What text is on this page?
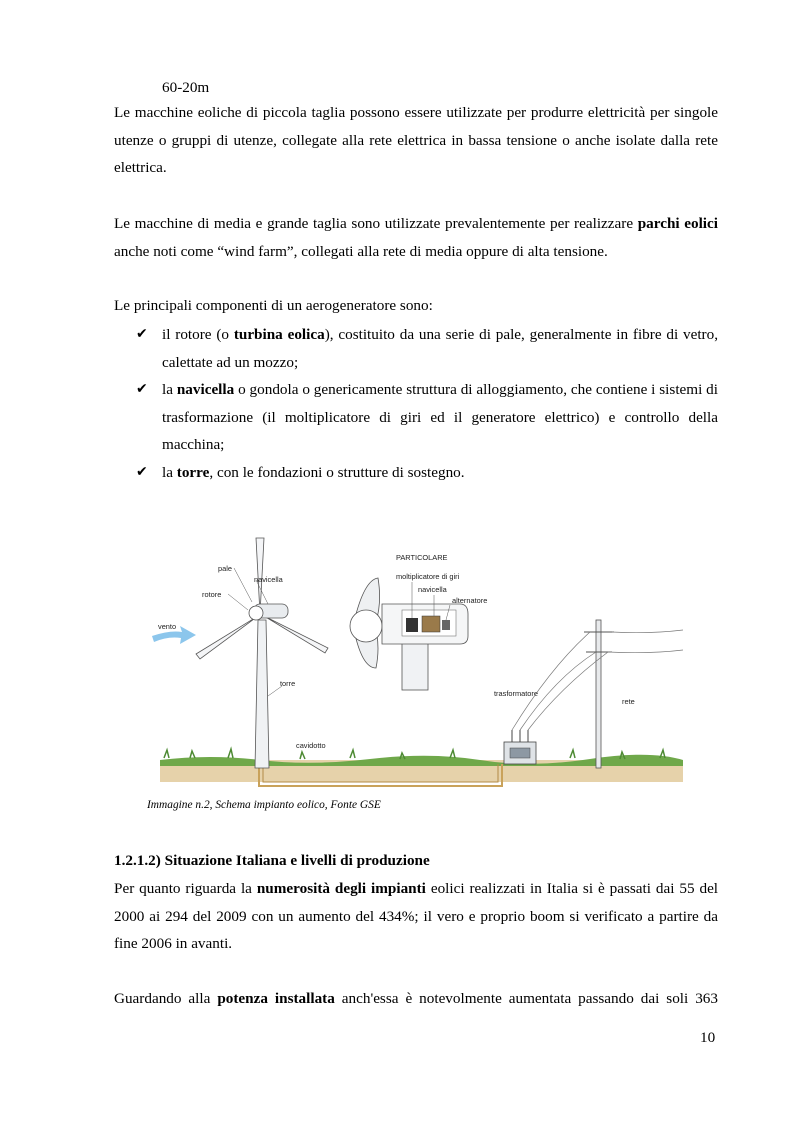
60-20m

Le macchine eoliche di piccola taglia possono essere utilizzate per produrre elettricità per singole utenze o gruppi di utenze, collegate alla rete elettrica in bassa tensione o anche isolate dalla rete elettrica.

Le macchine di media e grande taglia sono utilizzate prevalentemente per realizzare parchi eolici anche noti come “wind farm”, collegati alla rete di media oppure di alta tensione.

Le principali componenti di un aerogeneratore sono:

✔ il rotore (o turbina eolica), costituito da una serie di pale, generalmente in fibre di vetro, calettate ad un mozzo;
✔ la navicella o gondola o genericamente struttura di alloggiamento, che contiene i sistemi di trasformazione (il moltiplicatore di giri ed il generatore elettrico) e controllo della macchina;
✔ la torre, con le fondazioni o strutture di sostegno.
pale
navicella
rotore
vento
torre
cavidotto
PARTICOLARE
moltiplicatore di giri
navicella
alternatore
trasformatore
rete
Immagine n.2, Schema impianto eolico, Fonte GSE
1.2.1.2) Situazione Italiana e livelli di produzione

Per quanto riguarda la numerosità degli impianti eolici realizzati in Italia si è passati dai 55 del 2000 ai 294 del 2009 con un aumento del 434%; il vero e proprio boom si verificato a partire da fine 2006 in avanti.

Guardando alla potenza installata anch'essa è notevolmente aumentata passando dai soli 363

10
